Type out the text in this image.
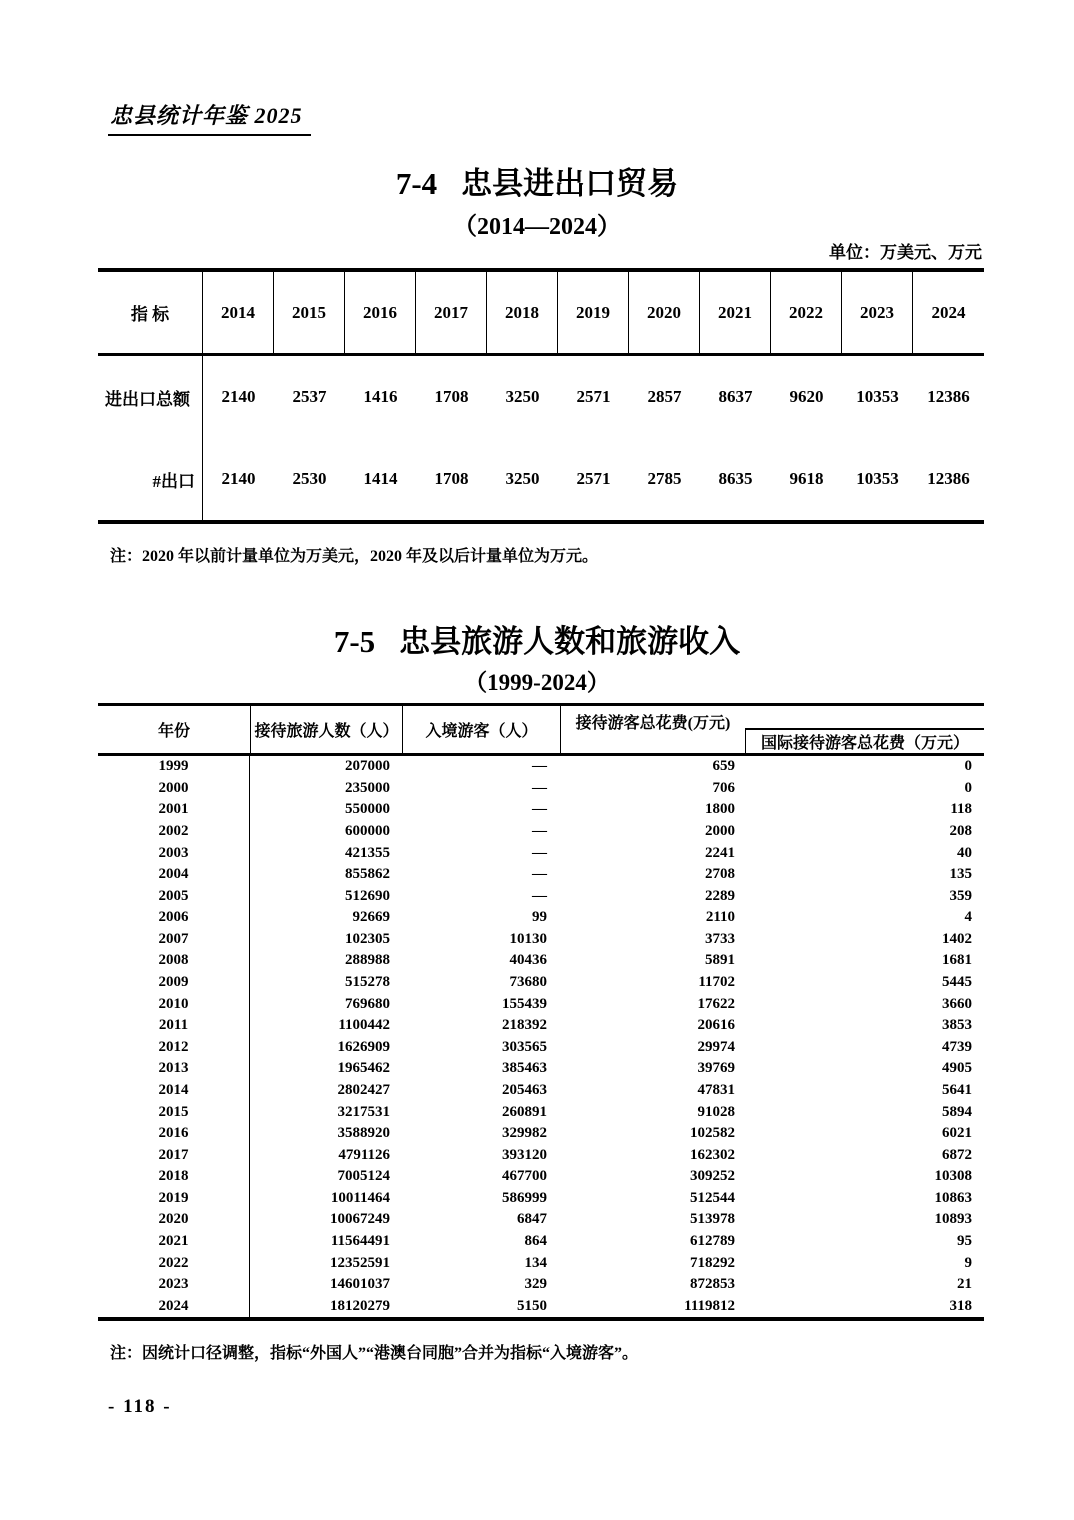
忠县统计年鉴 2025
7-4 忠县进出口贸易
（2014—2024）
单位：万美元、万元
指 标	2014	2015	2016	2017	2018	2019	2020	2021	2022	2023	2024
进出口总额	2140	2537	1416	1708	3250	2571	2857	8637	9620	10353	12386
#出口	2140	2530	1414	1708	3250	2571	2785	8635	9618	10353	12386
注：2020 年以前计量单位为万美元，2020 年及以后计量单位为万元。
7-5 忠县旅游人数和旅游收入
（1999-2024）
年份	接待旅游人数（人）	入境游客（人）	接待游客总花费(万元)
国际接待游客总花费（万元）
1999	207000	—	659	0
2000	235000	—	706	0
2001	550000	—	1800	118
2002	600000	—	2000	208
2003	421355	—	2241	40
2004	855862	—	2708	135
2005	512690	—	2289	359
2006	92669	99	2110	4
2007	102305	10130	3733	1402
2008	288988	40436	5891	1681
2009	515278	73680	11702	5445
2010	769680	155439	17622	3660
2011	1100442	218392	20616	3853
2012	1626909	303565	29974	4739
2013	1965462	385463	39769	4905
2014	2802427	205463	47831	5641
2015	3217531	260891	91028	5894
2016	3588920	329982	102582	6021
2017	4791126	393120	162302	6872
2018	7005124	467700	309252	10308
2019	10011464	586999	512544	10863
2020	10067249	6847	513978	10893
2021	11564491	864	612789	95
2022	12352591	134	718292	9
2023	14601037	329	872853	21
2024	18120279	5150	1119812	318
注：因统计口径调整，指标“外国人”“港澳台同胞”合并为指标“入境游客”。
- 118 -
